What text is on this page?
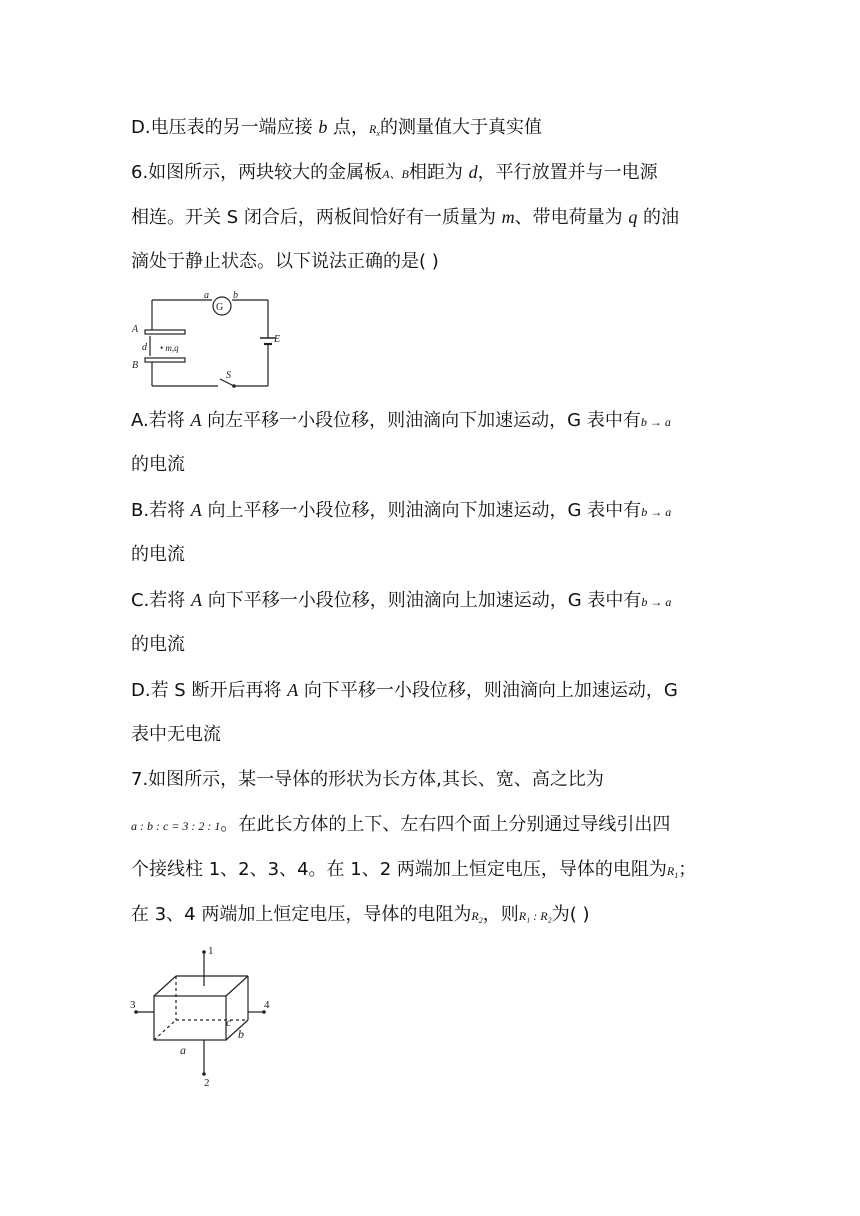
D.电压表的另一端应接 b 点，$R_x$的测量值大于真实值
6.如图所示，两块较大的金属板A、B相距为 d，平行放置并与一电源
相连。开关 S 闭合后，两板间恰好有一质量为 m、带电荷量为 q 的油
滴处于静止状态。以下说法正确的是( )
G
a b
A
B
d • m,q
E
S
A.若将 A 向左平移一小段位移，则油滴向下加速运动，G 表中有b → a
的电流
B.若将 A 向上平移一小段位移，则油滴向下加速运动，G 表中有b → a
的电流
C.若将 A 向下平移一小段位移，则油滴向上加速运动，G 表中有b → a
的电流
D.若 S 断开后再将 A 向下平移一小段位移，则油滴向上加速运动，G
表中无电流
7.如图所示，某一导体的形状为长方体,其长、宽、高之比为
a : b : c = 3 : 2 : 1。在此长方体的上下、左右四个面上分别通过导线引出四
个接线柱 1、2、3、4。在 1、2 两端加上恒定电压，导体的电阻为$R_1$；
在 3、4 两端加上恒定电压，导体的电阻为$R_2$，则R₁ : R₂为( )
1
2
3	4
a
b
c
